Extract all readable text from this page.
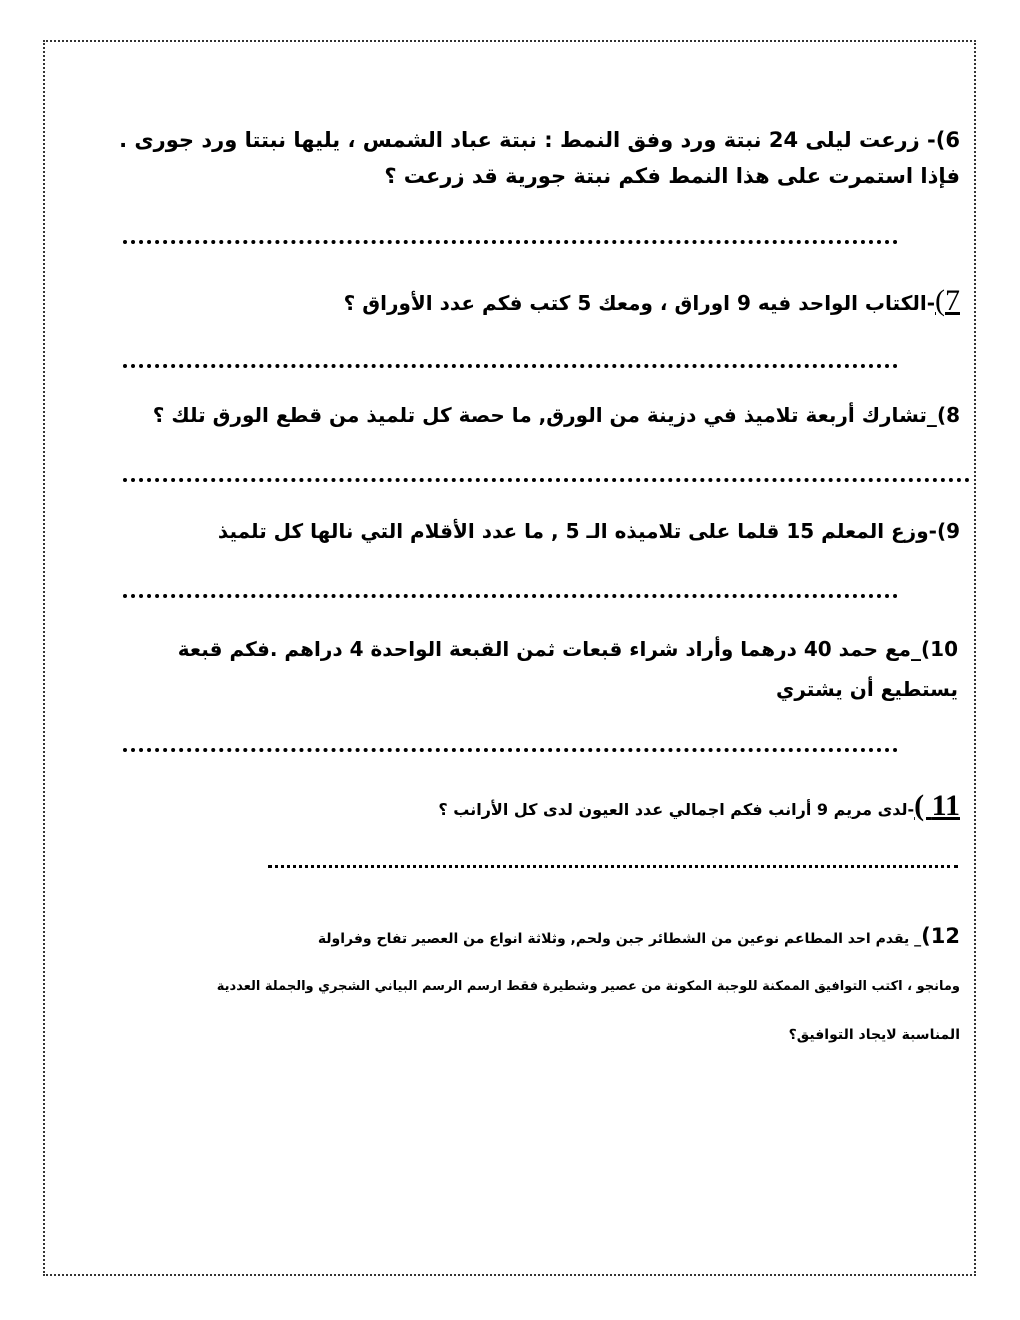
6)- زرعت ليلى 24 نبتة ورد وفق النمط : نبتة عباد الشمس ، يليها نبتتا ورد جورى .
فإذا استمرت على هذا النمط فكم نبتة جورية قد زرعت ؟
7)-الكتاب الواحد فيه 9 اوراق ، ومعك 5 كتب فكم عدد الأوراق ؟
8)_تشارك أربعة تلاميذ في دزينة من الورق, ما حصة كل تلميذ من قطع الورق تلك ؟
9)-وزع المعلم 15 قلما على تلاميذه الـ 5 , ما عدد الأقلام التي نالها كل تلميذ
10)_مع حمد 40 درهما وأراد شراء قبعات ثمن القبعة الواحدة 4 دراهم .فكم قبعة
يستطيع أن يشتري
11 )-لدى مريم 9 أرانب فكم اجمالي عدد العيون لدى كل الأرانب ؟
12)_ يقدم احد المطاعم نوعين من الشطائر جبن ولحم, وثلاثة انواع من العصير تفاح وفراولة
ومانجو ، اكتب التوافيق الممكنة للوجبة المكونة من عصير وشطيرة فقط ارسم الرسم البياني الشجري والجملة العددية
المناسبة لايجاد التوافيق؟
